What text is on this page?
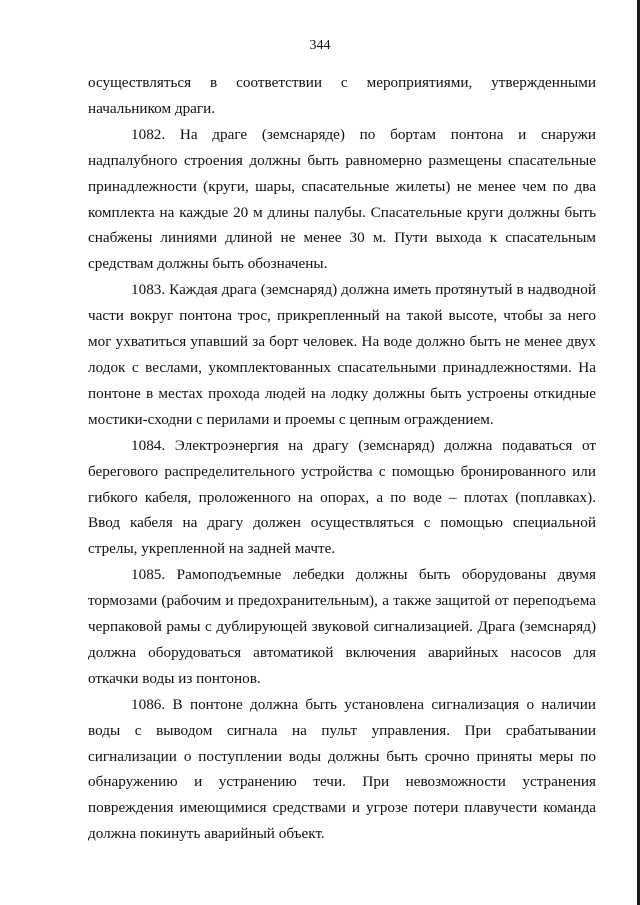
344

осуществляться в соответствии с мероприятиями, утвержденными

начальником драги.

1082. На драге (земснаряде) по бортам понтона и снаружи надпалубного строения должны быть равномерно размещены спасательные принадлежности (круги, шары, спасательные жилеты) не менее чем по два комплекта на каждые 20 м длины палубы. Спасательные круги должны быть снабжены линиями длиной не менее 30 м. Пути выхода к спасательным средствам должны быть обозначены.

1083. Каждая драга (земснаряд) должна иметь протянутый в надводной части вокруг понтона трос, прикрепленный на такой высоте, чтобы за него мог ухватиться упавший за борт человек. На воде должно быть не менее двух лодок с веслами, укомплектованных спасательными принадлежностями. На понтоне в местах прохода людей на лодку должны быть устроены откидные мостики-сходни с перилами и проемы с цепным ограждением.

1084. Электроэнергия на драгу (земснаряд) должна подаваться от берегового распределительного устройства с помощью бронированного или гибкого кабеля, проложенного на опорах, а по воде – плотах (поплавках). Ввод кабеля на драгу должен осуществляться с помощью специальной стрелы, укрепленной на задней мачте.

1085. Рамоподъемные лебедки должны быть оборудованы двумя тормозами (рабочим и предохранительным), а также защитой от переподъема черпаковой рамы с дублирующей звуковой сигнализацией. Драга (земснаряд) должна оборудоваться автоматикой включения аварийных насосов для откачки воды из понтонов.

1086. В понтоне должна быть установлена сигнализация о наличии воды с выводом сигнала на пульт управления. При срабатывании сигнализации о поступлении воды должны быть срочно приняты меры по обнаружению и устранению течи. При невозможности устранения повреждения имеющимися средствами и угрозе потери плавучести команда должна покинуть аварийный объект.
